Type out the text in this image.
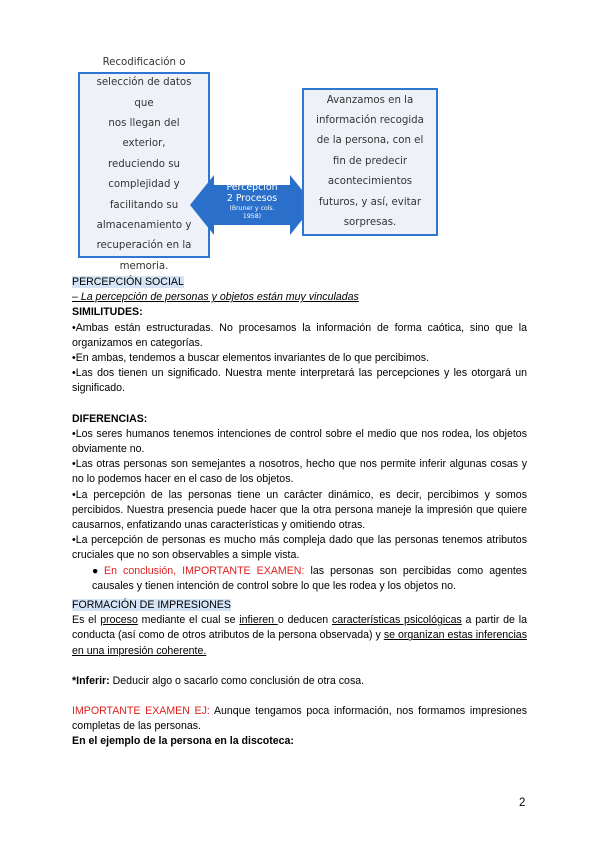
Recodificación o
selección de datos que
nos llegan del exterior,
reduciendo su
complejidad y
facilitando su
almacenamiento y
recuperación en la
memoria.
Percepción
2 Procesos
(Bruner y cols.
1958)
Avanzamos en la
información recogida
de la persona, con el
fin de predecir
acontecimientos
futuros, y así, evitar
sorpresas.

PERCEPCIÓN SOCIAL

– La percepción de personas y objetos están muy vinculadas

SIMILITUDES:

•Ambas están estructuradas. No procesamos la información de forma caótica, sino que la organizamos en categorías.

•En ambas, tendemos a buscar elementos invariantes de lo que percibimos.

•Las dos tienen un significado. Nuestra mente interpretará las percepciones y les otorgará un significado.

DIFERENCIAS:

•Los seres humanos tenemos intenciones de control sobre el medio que nos rodea, los objetos obviamente no.

•Las otras personas son semejantes a nosotros, hecho que nos permite inferir algunas cosas y no lo podemos hacer en el caso de los objetos.

•La percepción de las personas tiene un carácter dinámico, es decir, percibimos y somos percibidos. Nuestra presencia puede hacer que la otra persona maneje la impresión que quiere causarnos, enfatizando unas características y omitiendo otras.

•La percepción de personas es mucho más compleja dado que las personas tenemos atributos cruciales que no son observables a simple vista.

● En conclusión, IMPORTANTE EXAMEN: las personas son percibidas como agentes causales y tienen intención de control sobre lo que les rodea y los objetos no.

FORMACIÓN DE IMPRESIONES

Es el proceso mediante el cual se infieren o deducen características psicológicas a partir de la conducta (así como de otros atributos de la persona observada) y se organizan estas inferencias en una impresión coherente.

*Inferir: Deducir algo o sacarlo como conclusión de otra cosa.

IMPORTANTE EXAMEN EJ: Aunque tengamos poca información, nos formamos impresiones completas de las personas.

En el ejemplo de la persona en la discoteca:

2
